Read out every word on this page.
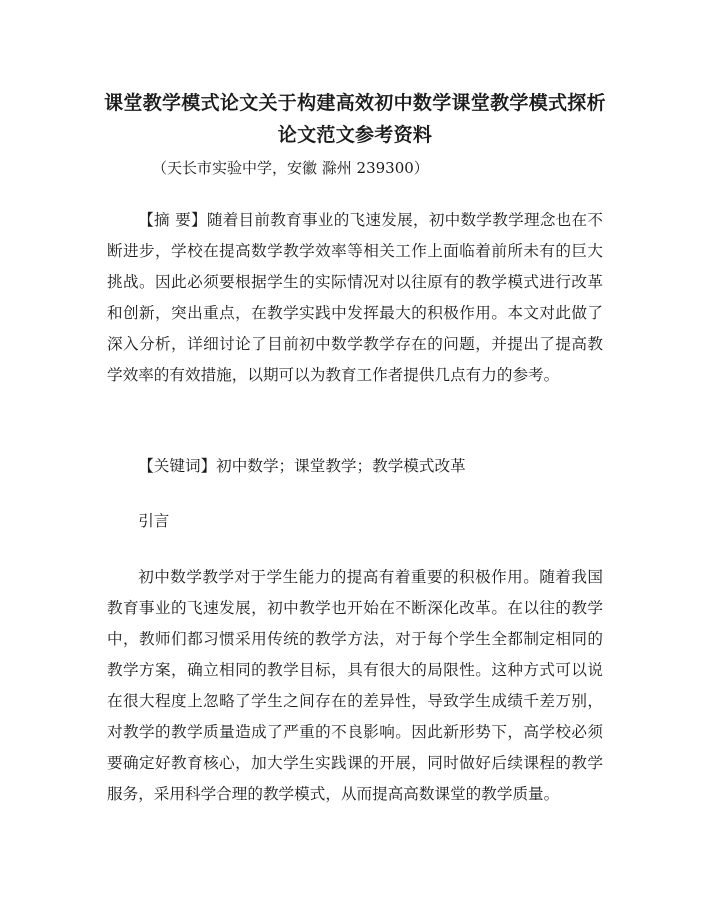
课堂教学模式论文关于构建高效初中数学课堂教学模式探析
论文范文参考资料

（天长市实验中学，安徽 滁州 239300）

【摘 要】随着目前教育事业的飞速发展，初中数学教学理念也在不断进步，学校在提高数学教学效率等相关工作上面临着前所未有的巨大挑战。因此必须要根据学生的实际情况对以往原有的教学模式进行改革和创新，突出重点，在教学实践中发挥最大的积极作用。本文对此做了深入分析，详细讨论了目前初中数学教学存在的问题，并提出了提高教学效率的有效措施，以期可以为教育工作者提供几点有力的参考。

【关键词】初中数学；课堂教学；教学模式改革

引言

初中数学教学对于学生能力的提高有着重要的积极作用。随着我国教育事业的飞速发展，初中教学也开始在不断深化改革。在以往的教学中，教师们都习惯采用传统的教学方法，对于每个学生全都制定相同的教学方案，确立相同的教学目标，具有很大的局限性。这种方式可以说在很大程度上忽略了学生之间存在的差异性，导致学生成绩千差万别，对教学的教学质量造成了严重的不良影响。因此新形势下，高学校必须要确定好教育核心，加大学生实践课的开展，同时做好后续课程的教学服务，采用科学合理的教学模式，从而提高高数课堂的教学质量。
